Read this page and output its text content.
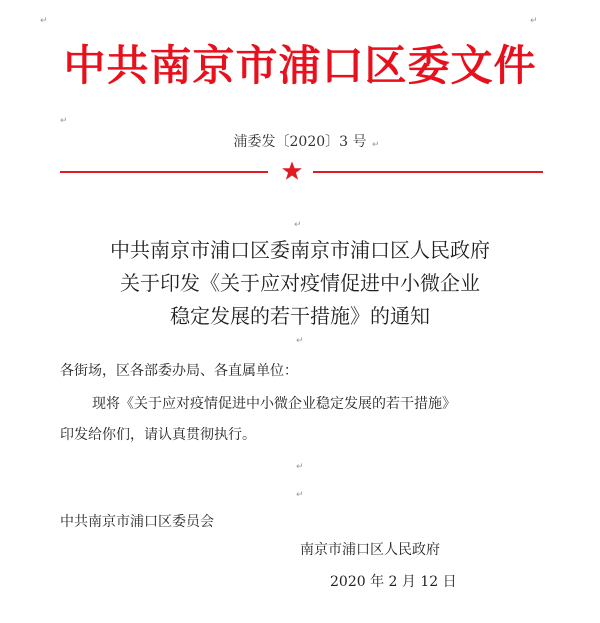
中共南京市浦口区委文件
浦委发〔2020〕3 号
中共南京市浦口区委南京市浦口区人民政府
关于印发《关于应对疫情促进中小微企业
稳定发展的若干措施》的通知
各街场，区各部委办局、各直属单位：
现将《关于应对疫情促进中小微企业稳定发展的若干措施》
印发给你们，请认真贯彻执行。
中共南京市浦口区委员会
南京市浦口区人民政府
2020 年 2 月 12 日
↵	↵
↵
↵
↵
↵
↵
↵
